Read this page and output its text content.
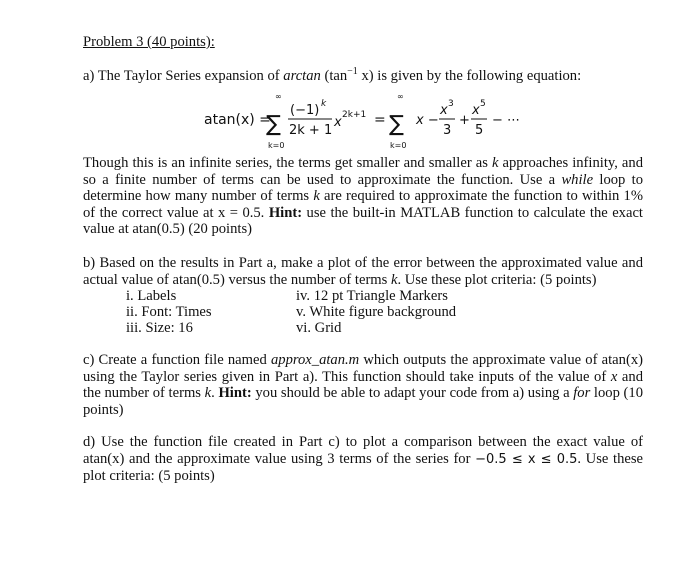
Problem 3 (40 points):
a) The Taylor Series expansion of $\arctan (\tan^{-1}$ x) is given by the following equation:
atan(x) =
∞
∑
k=0
(−1) k
2k + 1
x 2k+1 =
∞
∑
k=0
x −
x 3
3
+
x 5
5
− ⋯
Though this is an infinite series, the terms get smaller and smaller as k approaches infinity, and so a finite number of terms can be used to approximate the function. Use a while loop to determine how many number of terms k are required to approximate the function to within 1% of the correct value at x = 0.5. Hint: use the built-in MATLAB function to calculate the exact value at atan(0.5) (20 points)
b) Based on the results in Part a, make a plot of the error between the approximated value and actual value of atan(0.5) versus the number of terms k. Use these plot criteria: (5 points)
i. Labels
ii. Font: Times
iii. Size: 16
iv. 12 pt Triangle Markers
v. White figure background
vi. Grid
c) Create a function file named approx_atan.m which outputs the approximate value of atan(x) using the Taylor series given in Part a). This function should take inputs of the value of x and the number of terms k. Hint: you should be able to adapt your code from a) using a for loop (10 points)
d) Use the function file created in Part c) to plot a comparison between the exact value of atan(x) and the approximate value using 3 terms of the series for −0.5 ≤ x ≤ 0.5. Use these plot criteria: (5 points)
